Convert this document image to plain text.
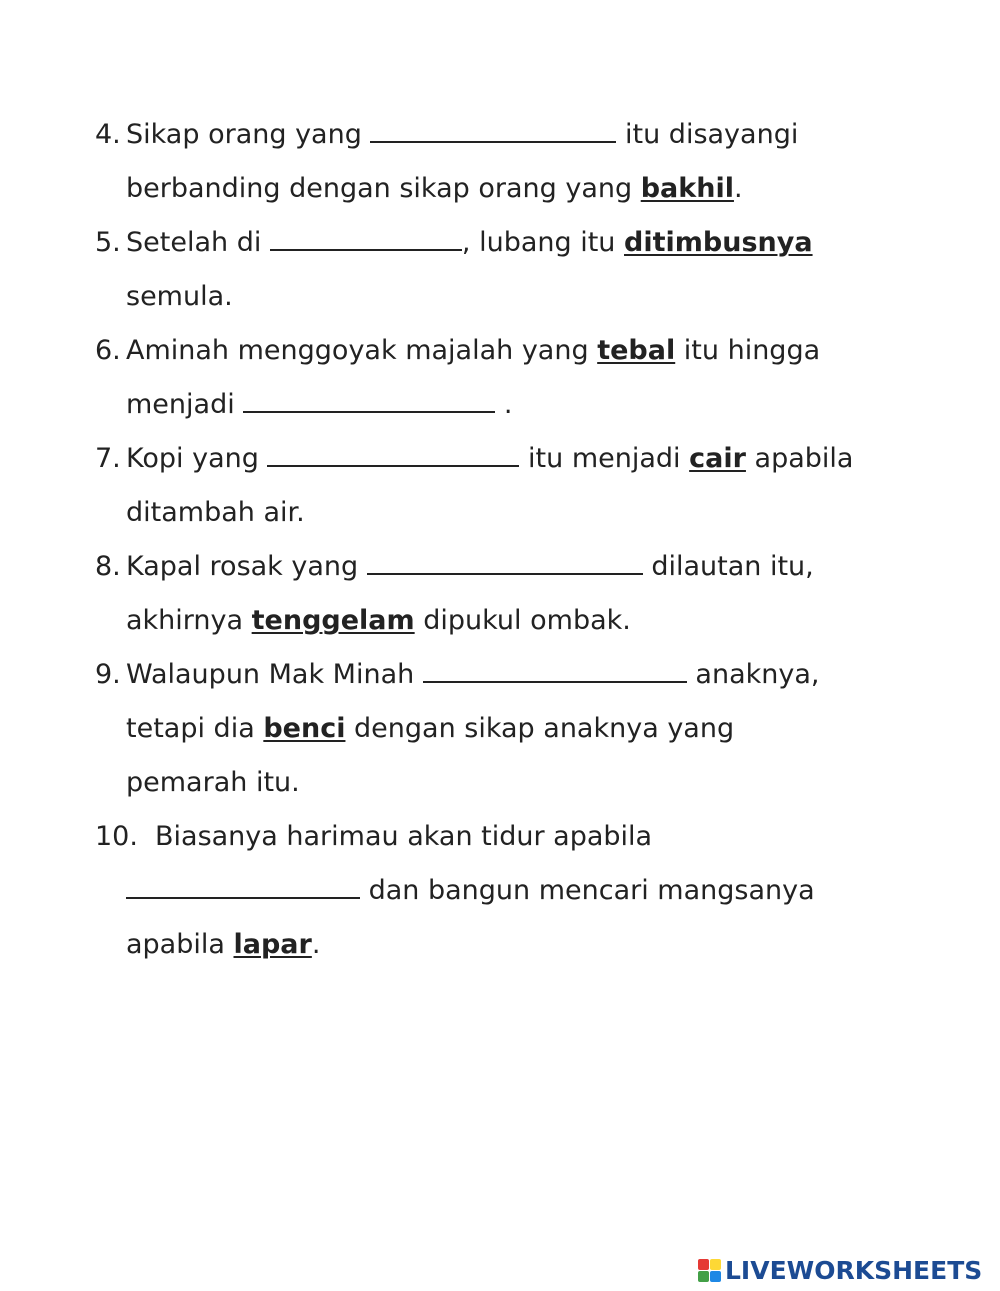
4. Sikap orang yang	itu disayangi
berbanding dengan sikap orang yang bakhil.
5. Setelah di	, lubang itu ditimbusnya
semula.
6. Aminah menggoyak majalah yang tebal itu hingga
menjadi	.
7. Kopi yang	itu menjadi cair apabila
ditambah air.
8. Kapal rosak yang	dilautan itu,
akhirnya tenggelam dipukul ombak.
9. Walaupun Mak Minah	anaknya,
tetapi dia benci dengan sikap anaknya yang
pemarah itu.
10. Biasanya harimau akan tidur apabila
dan bangun mencari mangsanya
apabila lapar.
LIVEWORKSHEETS
